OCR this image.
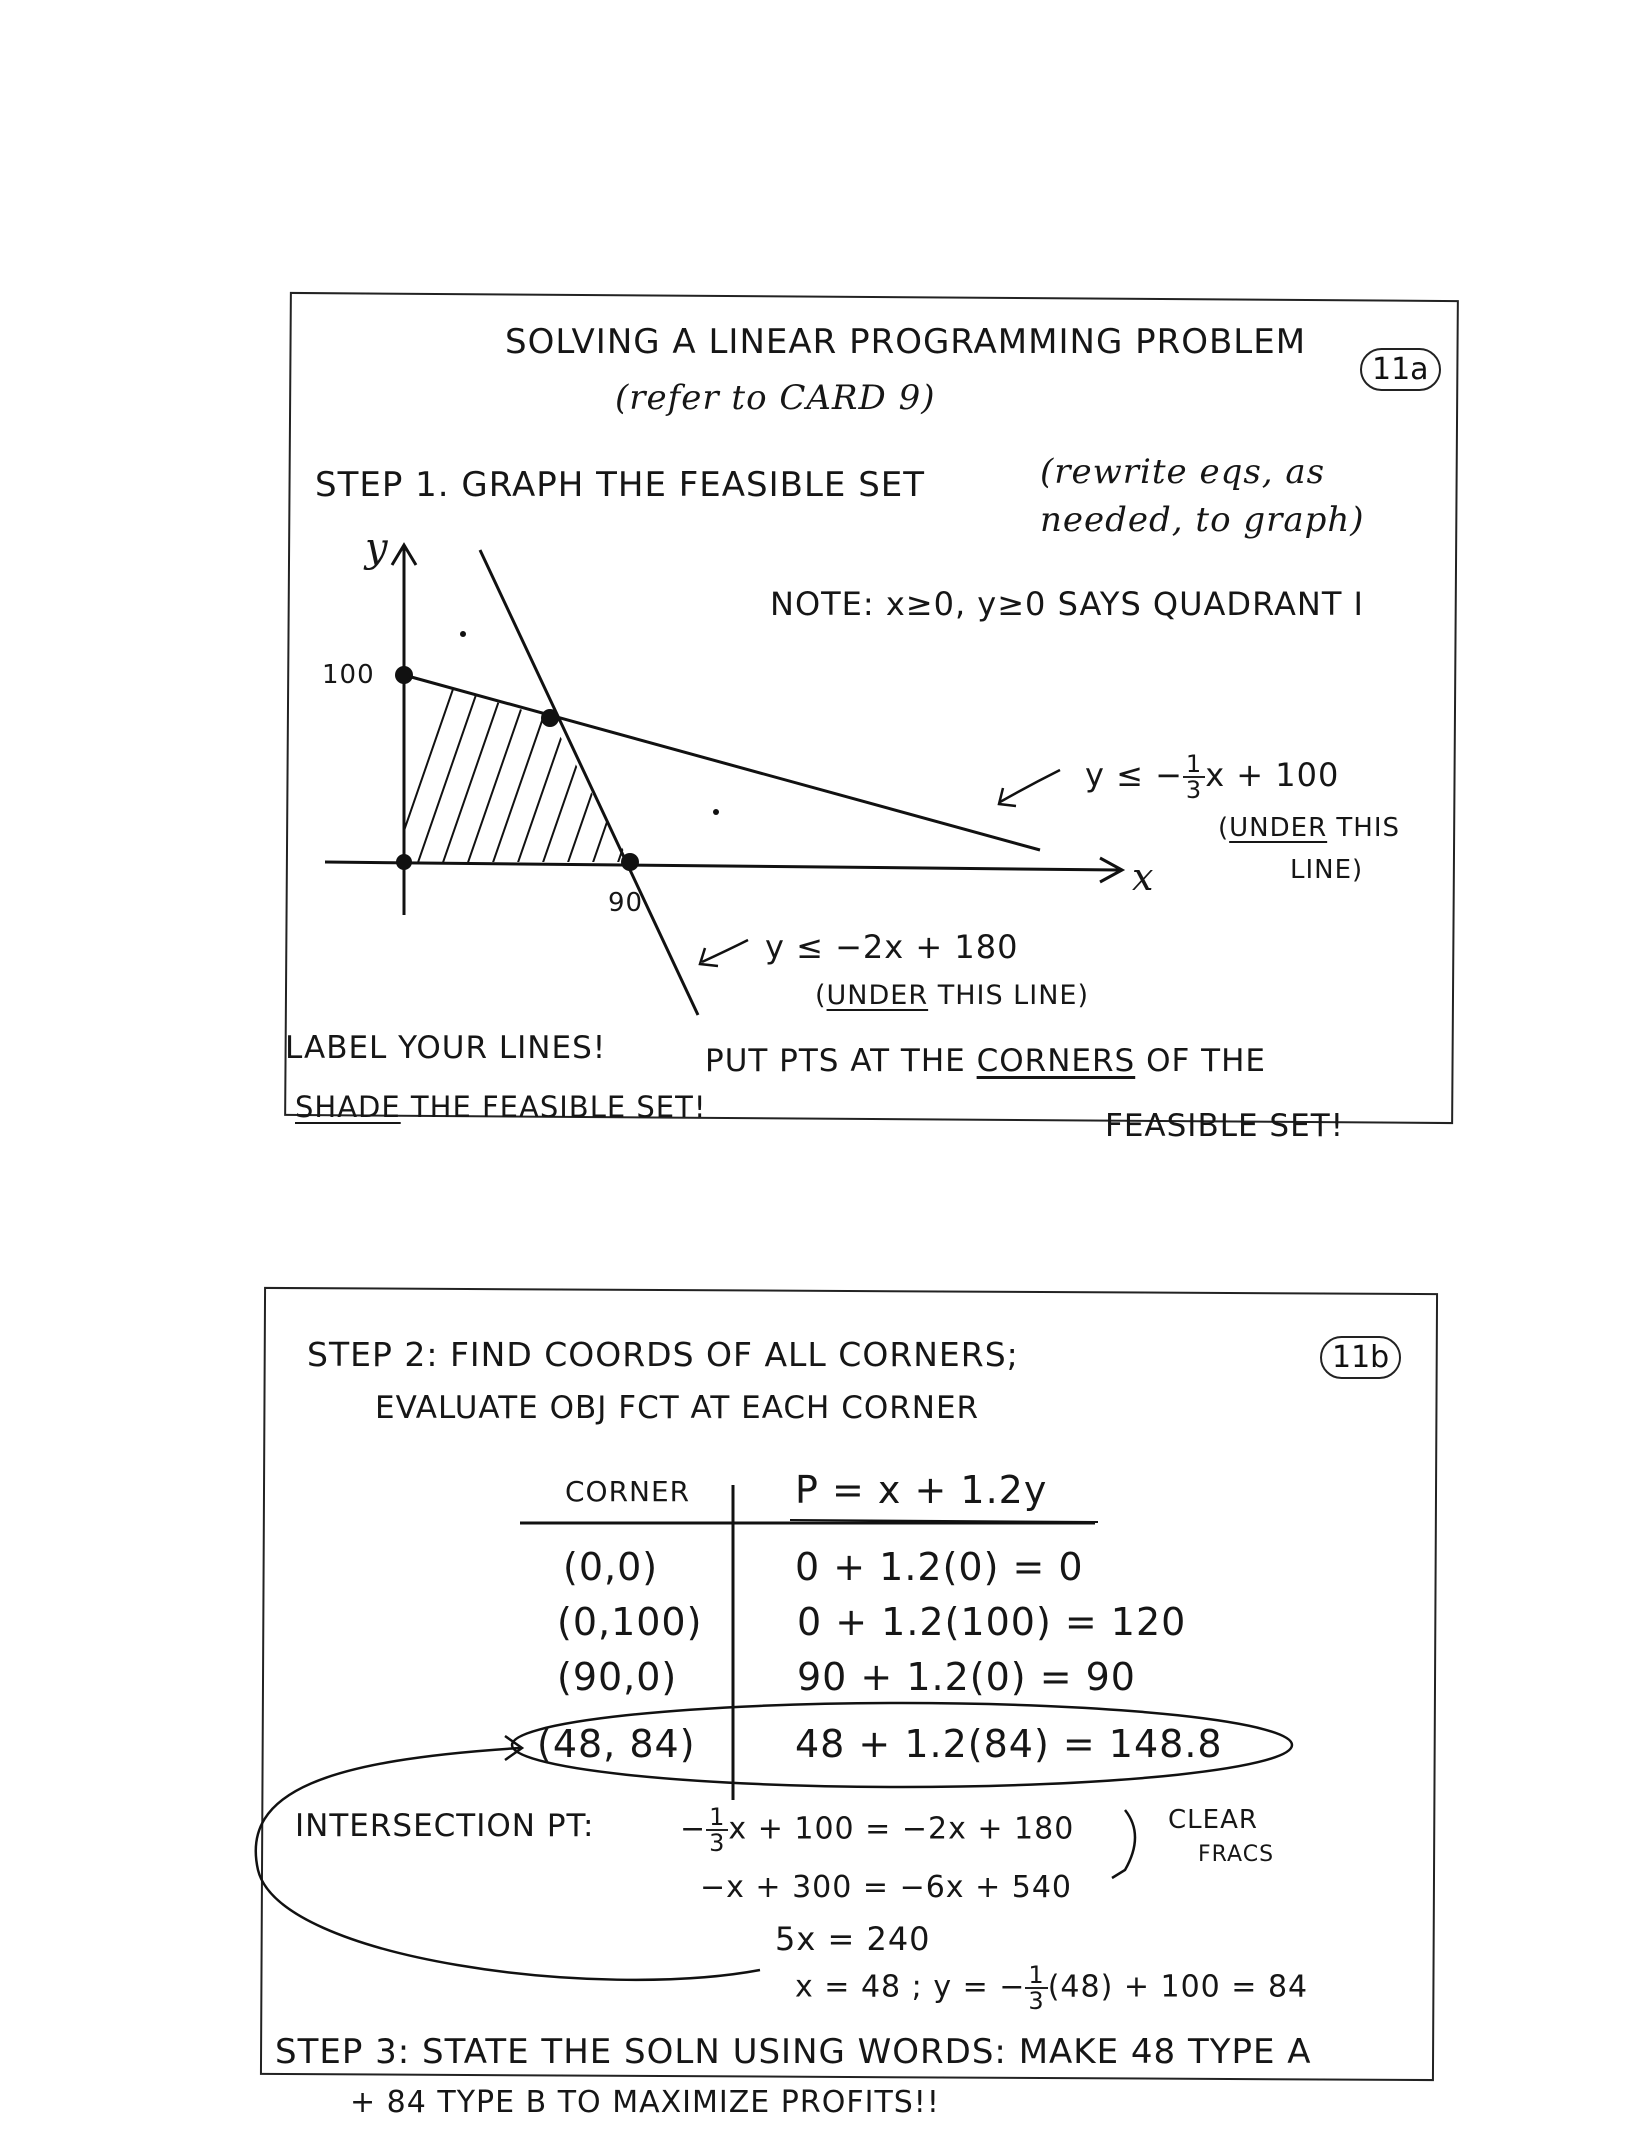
SOLVING A LINEAR PROGRAMMING PROBLEM
(refer to CARD 9)
11a
STEP 1. GRAPH THE FEASIBLE SET	(rewrite eqs, as
needed, to graph)
NOTE: x≥0, y≥0 SAYS QUADRANT I
y
x
100
90
y ≤ − $\frac{1}{3}$ x + 100
(UNDER THIS
LINE)
y ≤ −2x + 180
(UNDER THIS LINE)
LABEL YOUR LINES!	PUT PTS AT THE CORNERS OF THE
SHADE THE FEASIBLE SET!
FEASIBLE SET!
11b
STEP 2: FIND COORDS OF ALL CORNERS;
EVALUATE OBJ FCT AT EACH CORNER
CORNER	P = x + 1.2y
(0,0)	0 + 1.2(0) = 0
(0,100) 0 + 1.2(100) = 120
(90,0)	90 + 1.2(0) = 90
(48, 84)	48 + 1.2(84) = 148.8
INTERSECTION PT:	− $\frac{1}{3}$ x + 100 = −2x + 180	CLEAR
FRACS
−x + 300 = −6x + 540
5x = 240
x = 48 ; y = − $\frac{1}{3} (48) + 100 = 84$
STEP 3: STATE THE SOLN USING WORDS: MAKE 48 TYPE A
+ 84 TYPE B TO MAXIMIZE PROFITS!!
